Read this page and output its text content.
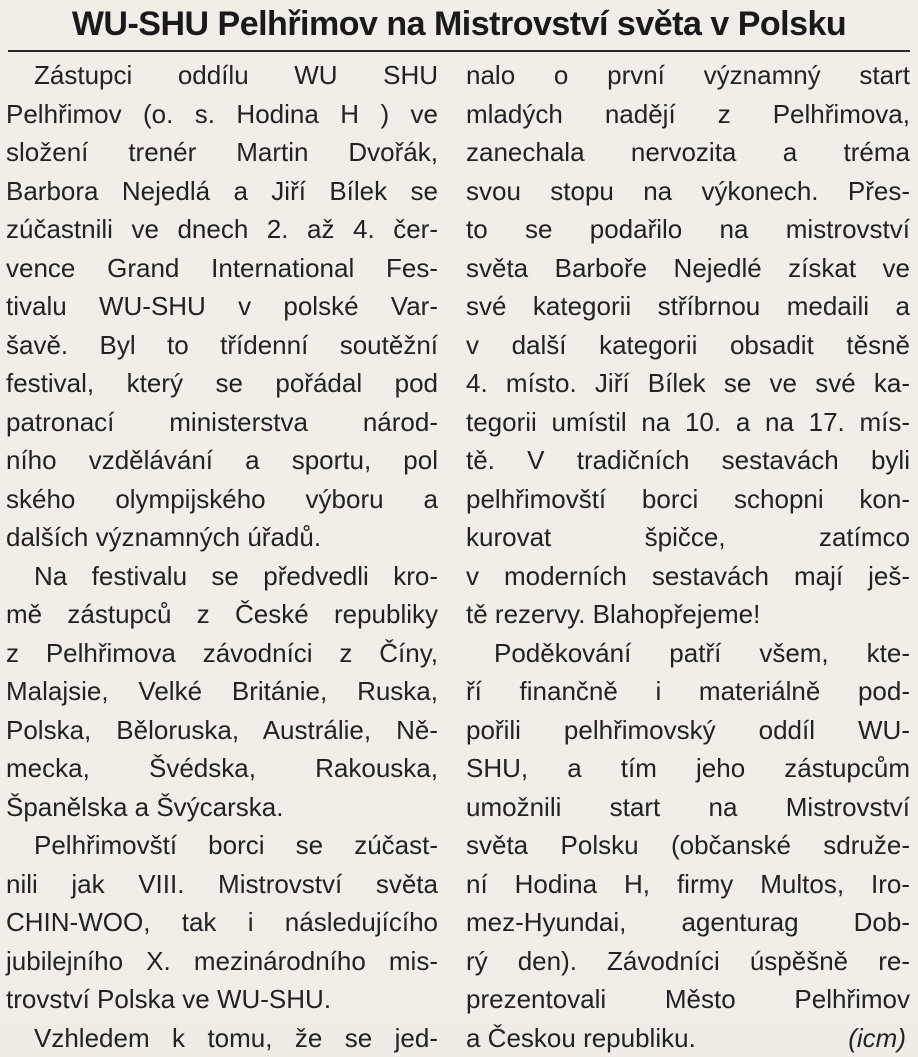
WU-SHU Pelhřimov na Mistrovství světa v Polsku
Zástupci oddílu WU SHU
Pelhřimov (o. s. Hodina H ) ve
složení trenér Martin Dvořák,
Barbora Nejedlá a Jiří Bílek se
zúčastnili ve dnech 2. až 4. čer-
vence Grand International Fes-
tivalu WU-SHU v polské Var-
šavě. Byl to třídenní soutěžní
festival, který se pořádal pod
patronací ministerstva národ-
ního vzdělávání a sportu, pol
ského olympijského výboru a
dalších významných úřadů.
Na festivalu se předvedli kro-
mě zástupců z České republiky
z Pelhřimova závodníci z Číny,
Malajsie, Velké Británie, Ruska,
Polska, Běloruska, Austrálie, Ně-
mecka, Švédska, Rakouska,
Španělska a Švýcarska.
Pelhřimovští borci se zúčast-
nili jak VIII. Mistrovství světa
CHIN-WOO, tak i následujícího
jubilejního X. mezinárodního mis-
trovství Polska ve WU-SHU.
Vzhledem k tomu, že se jed-
nalo o první významný start
mladých nadějí z Pelhřimova,
zanechala nervozita a tréma
svou stopu na výkonech. Přes-
to se podařilo na mistrovství
světa Barboře Nejedlé získat ve
své kategorii stříbrnou medaili a
v další kategorii obsadit těsně
4. místo. Jiří Bílek se ve své ka-
tegorii umístil na 10. a na 17. mís-
tě. V tradičních sestavách byli
pelhřimovští borci schopni kon-
kurovat špičce, zatímco
v moderních sestavách mají ješ-
tě rezervy. Blahopřejeme!
Poděkování patří všem, kte-
ří finančně i materiálně pod-
pořili pelhřimovský oddíl WU-
SHU, a tím jeho zástupcům
umožnili start na Mistrovství
světa Polsku (občanské sdruže-
ní Hodina H, firmy Multos, Iro-
mez-Hyundai, agenturag Dob-
rý den). Závodníci úspěšně re-
prezentovali Město Pelhřimov
a Českou republiku.	(icm)
